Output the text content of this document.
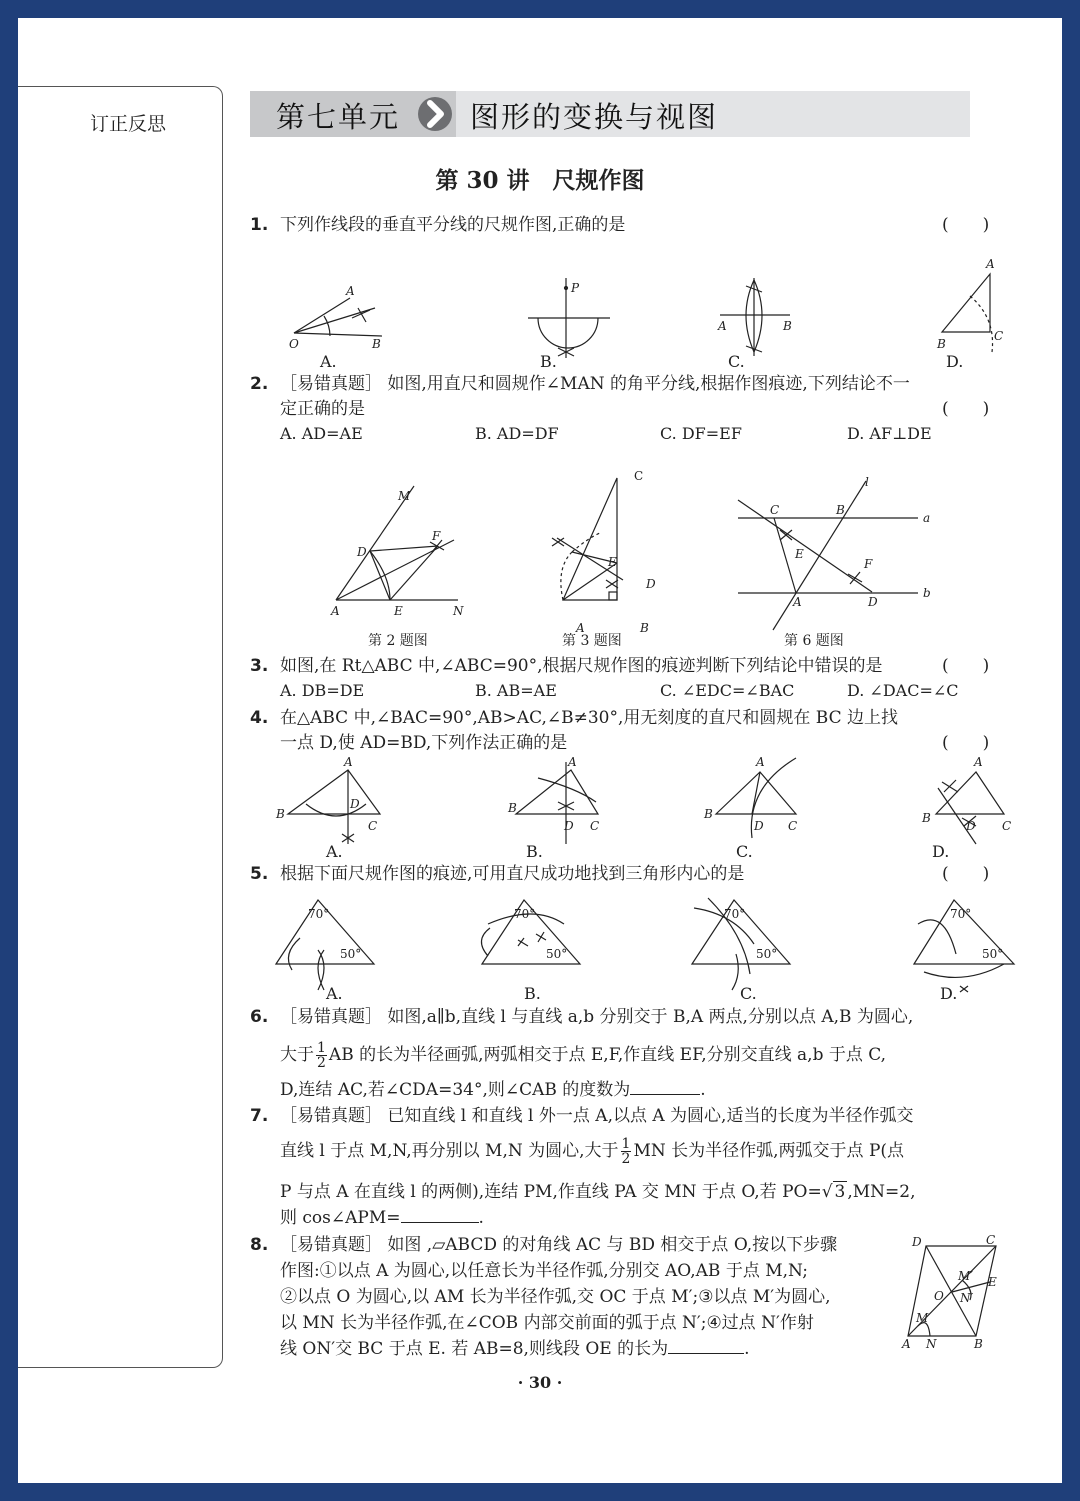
订正反思	第七单元 图形的变换与视图
第 30 讲　尺规作图
1. 下列作线段的垂直平分线的尺规作图,正确的是	(　　)
O
A
B
P
A	B
A
B
C
A.	B.	C.	D.
2. ［易错真题］ 如图,用直尺和圆规作∠MAN 的角平分线,根据作图痕迹,下列结论不一
定正确的是	(　　)
A. AD=AE	B. AD=DF	C. DF=EF	D. AF⊥DE
M
D
F
A	E	N
C
E
D
A	B
l
C	B
a
E
F
A	D
b
第 2 题图	第 3 题图	第 6 题图
3. 如图,在 Rt△ABC 中,∠ABC=90°,根据尺规作图的痕迹判断下列结论中错误的是	(　　)
A. DB=DE	B. AB=AE	C. ∠EDC=∠BAC	D. ∠DAC=∠C
4. 在△ABC 中,∠BAC=90°,AB>AC,∠B≠30°,用无刻度的直尺和圆规在 BC 边上找
一点 D,使 AD=BD,下列作法正确的是	(　　)
A
B
D
C
A
B
D C
A
B
D C
A
B
D C
A.	B.	C.	D.
5. 根据下面尺规作图的痕迹,可用直尺成功地找到三角形内心的是	(　　)
70°
50°
70°
50°
70°
50°
70°
50°
A.	B.	C.	D.
6. ［易错真题］ 如图,a∥b,直线 l 与直线 a,b 分别交于 B,A 两点,分别以点 A,B 为圆心,
大于 $\frac{1}{2}$ AB 的长为半径画弧,两弧相交于点 E,F,作直线 EF,分别交直线 a,b 于点 C,
D,连结 AC,若∠CDA=34°,则∠CAB 的度数为	.
7. ［易错真题］ 已知直线 l 和直线 l 外一点 A,以点 A 为圆心,适当的长度为半径作弧交
直线 l 于点 M,N,再分别以 M,N 为圆心,大于 $\frac{1}{2}$ MN 长为半径作弧,两弧交于点 P(点
P 与点 A 在直线 l 的两侧),连结 PM,作直线 PA 交 MN 于点 O,若 PO=√ 3 ,MN=2,
则 cos∠APM=	.
8. ［易错真题］ 如图 ,▱ABCD 的对角线 AC 与 BD 相交于点 O,按以下步骤
作图:①以点 A 为圆心,以任意长为半径作弧,分别交 AO,AB 于点 M,N;
②以点 O 为圆心,以 AM 长为半径作弧,交 OC 于点 M′;③以点 M′为圆心,
以 MN 长为半径作弧,在∠COB 内部交前面的弧于点 N′;④过点 N′作射
线 ON′交 BC 于点 E. 若 AB=8,则线段 OE 的长为	.
D	C
M′
O
E
N′
M
A N	B
· 30 ·
